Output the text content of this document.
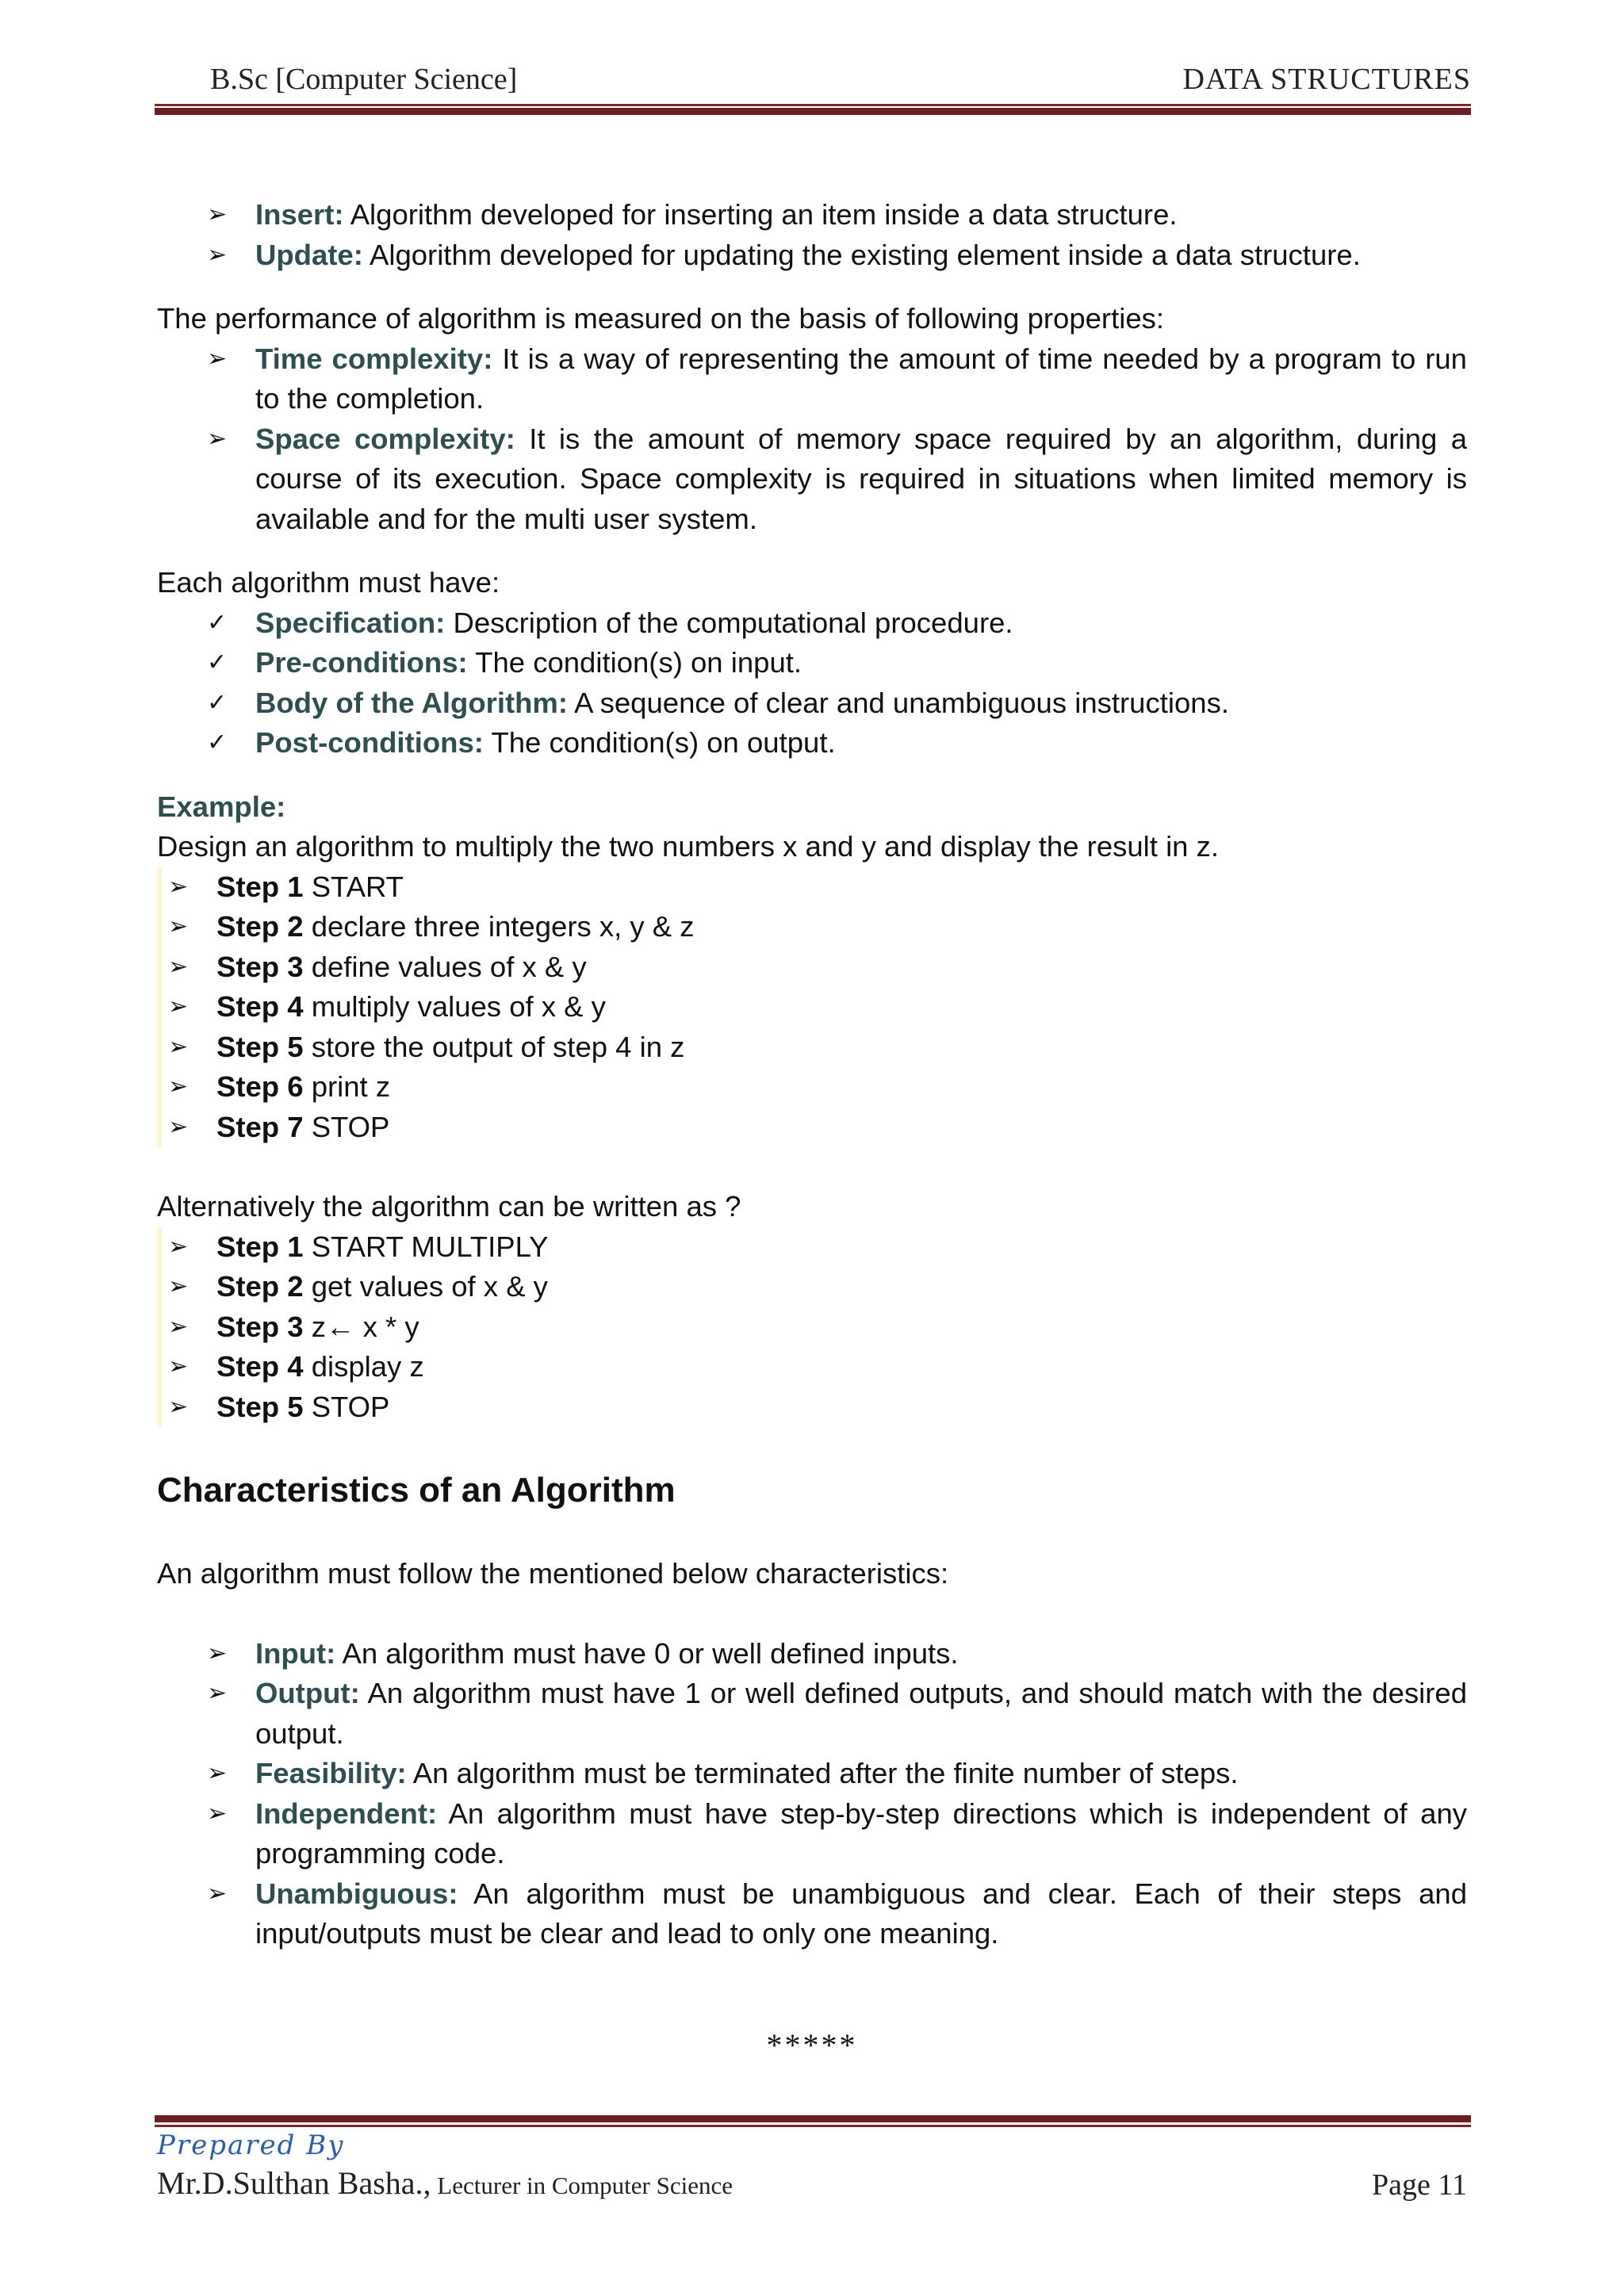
B.Sc [Computer Science]	DATA STRUCTURES
➢ Insert: Algorithm developed for inserting an item inside a data structure.
➢ Update: Algorithm developed for updating the existing element inside a data structure.

The performance of algorithm is measured on the basis of following properties:

➢ Time complexity: It is a way of representing the amount of time needed by a program to run to the completion.
➢ Space complexity: It is the amount of memory space required by an algorithm, during a course of its execution. Space complexity is required in situations when limited memory is available and for the multi user system.

Each algorithm must have:

✓ Specification: Description of the computational procedure.
✓ Pre-conditions: The condition(s) on input.
✓ Body of the Algorithm: A sequence of clear and unambiguous instructions.
✓ Post-conditions: The condition(s) on output.

Example:

Design an algorithm to multiply the two numbers x and y and display the result in z.

➢ Step 1 START
➢ Step 2 declare three integers x, y & z
➢ Step 3 define values of x & y
➢ Step 4 multiply values of x & y
➢ Step 5 store the output of step 4 in z
➢ Step 6 print z
➢ Step 7 STOP

Alternatively the algorithm can be written as ?

➢ Step 1 START MULTIPLY
➢ Step 2 get values of x & y
➢ Step 3 z← x * y
➢ Step 4 display z
➢ Step 5 STOP
Characteristics of an Algorithm

An algorithm must follow the mentioned below characteristics:

➢ Input: An algorithm must have 0 or well defined inputs.
➢ Output: An algorithm must have 1 or well defined outputs, and should match with the desired output.
➢ Feasibility: An algorithm must be terminated after the finite number of steps.
➢ Independent: An algorithm must have step-by-step directions which is independent of any programming code.
➢ Unambiguous: An algorithm must be unambiguous and clear. Each of their steps and input/outputs must be clear and lead to only one meaning.
*****
Prepared By
Mr.D.Sulthan Basha., Lecturer in Computer Science	Page 11
